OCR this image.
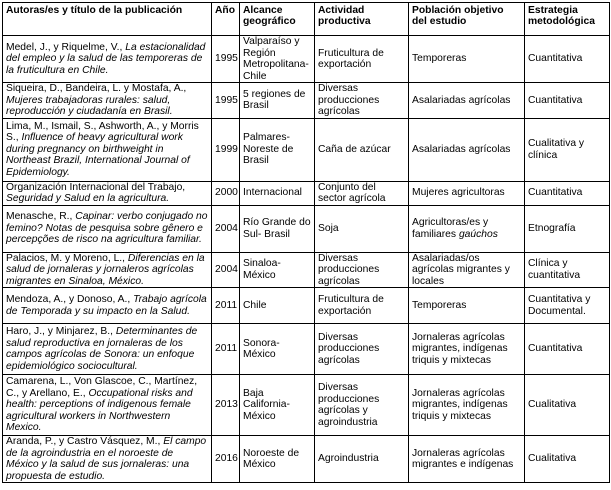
Autoras/es y título de la publicación	Año	Alcance geográfico	Actividad productiva	Población objetivo del estudio	Estrategia metodológica
Medel, J., y Riquelme, V., La estacionalidad del empleo y la salud de las temporeras de la fruticultura en Chile.	1995	Valparaíso y Región Metropolitana- Chile	Fruticultura de exportación	Temporeras	Cuantitativa
Siqueira, D., Bandeira, L. y Mostafa, A., Mujeres trabajadoras rurales: salud, reproducción y ciudadanía en Brasil.	1995	5 regiones de Brasil	Diversas producciones agrícolas	Asalariadas agrícolas	Cuantitativa
Lima, M., Ismail, S., Ashworth, A., y Morris S., Influence of heavy agricultural work during pregnancy on birthweight in Northeast Brazil, International Journal of Epidemiology.	1999	Palmares- Noreste de Brasil	Caña de azúcar	Asalariadas agrícolas	Cualitativa y clínica
Organización Internacional del Trabajo, Seguridad y Salud en la agricultura.	2000	Internacional	Conjunto del sector agrícola	Mujeres agricultoras	Cuantitativa
Menasche, R., Capinar: verbo conjugado no femino? Notas de pesquisa sobre gênero e percepções de risco na agricultura familiar.	2004	Río Grande do Sul- Brasil	Soja	Agricultoras/es y familiares gaúchos	Etnografía
Palacios, M. y Moreno, L., Diferencias en la salud de jornaleras y jornaleros agrícolas migrantes en Sinaloa, México.	2004	Sinaloa- México	Diversas producciones agrícolas	Asalariadas/os agrícolas migrantes y locales	Clínica y cuantitativa
Mendoza, A., y Donoso, A., Trabajo agrícola de Temporada y su impacto en la Salud.	2011	Chile	Fruticultura de exportación	Temporeras	Cuantitativa y Documental.
Haro, J., y Minjarez, B., Determinantes de salud reproductiva en jornaleras de los campos agrícolas de Sonora: un enfoque epidemiológico sociocultural.	2011	Sonora-México	Diversas producciones agrícolas	Jornaleras agrícolas migrantes, indígenas triquis y mixtecas	Cuantitativa
Camarena, L., Von Glascoe, C., Martínez, C., y Arellano, E., Occupational risks and health: perceptions of indigenous female agricultural workers in Northwestern Mexico.	2013	Baja California- México	Diversas producciones agrícolas y agroindustria	Jornaleras agrícolas migrantes, indígenas triquis y mixtecas	Cualitativa
Aranda, P., y Castro Vásquez, M., El campo de la agroindustria en el noroeste de México y la salud de sus jornaleras: una propuesta de estudio.	2016	Noroeste de México	Agroindustria	Jornaleras agrícolas migrantes e indígenas	Cualitativa
